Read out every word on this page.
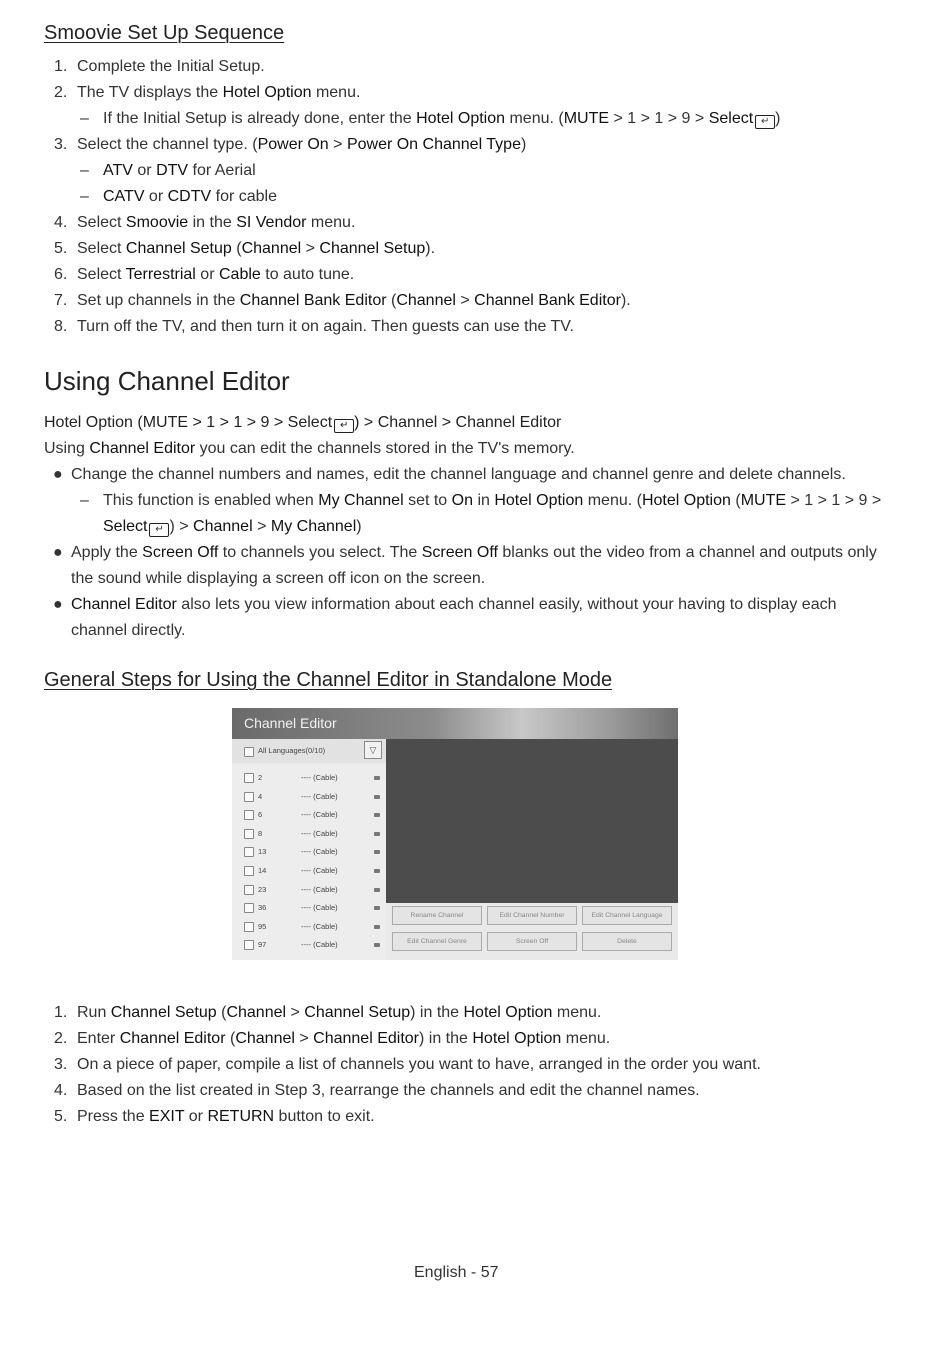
Smoovie Set Up Sequence
1. Complete the Initial Setup.
2. The TV displays the Hotel Option menu.
– If the Initial Setup is already done, enter the Hotel Option menu. (MUTE > 1 > 1 > 9 > Select ↵ )
3. Select the channel type. (Power On > Power On Channel Type)
– ATV or DTV for Aerial
– CATV or CDTV for cable
4. Select Smoovie in the SI Vendor menu.
5. Select Channel Setup (Channel > Channel Setup).
6. Select Terrestrial or Cable to auto tune.
7. Set up channels in the Channel Bank Editor (Channel > Channel Bank Editor).
8. Turn off the TV, and then turn it on again. Then guests can use the TV.
Using Channel Editor
Hotel Option (MUTE > 1 > 1 > 9 > Select ↵ ) > Channel > Channel Editor
Using Channel Editor you can edit the channels stored in the TV's memory.
● Change the channel numbers and names, edit the channel language and channel genre and delete channels.
– This function is enabled when My Channel set to On in Hotel Option menu. (Hotel Option (MUTE > 1 > 1 > 9 >
Select ↵ ) > Channel > My Channel)
● Apply the Screen Off to channels you select. The Screen Off blanks out the video from a channel and outputs only
the sound while displaying a screen off icon on the screen.
● Channel Editor also lets you view information about each channel easily, without your having to display each
channel directly.
General Steps for Using the Channel Editor in Standalone Mode
1. Run Channel Setup (Channel > Channel Setup) in the Hotel Option menu.
2. Enter Channel Editor (Channel > Channel Editor) in the Hotel Option menu.
3. On a piece of paper, compile a list of channels you want to have, arranged in the order you want.
4. Based on the list created in Step 3, rearrange the channels and edit the channel names.
5. Press the EXIT or RETURN button to exit.
Channel Editor
All Languages(0/10)	▽
2	---- (Cable)
4	---- (Cable)
6	---- (Cable)
8	---- (Cable)
13	---- (Cable)
14	---- (Cable)
23	---- (Cable)
36	---- (Cable)
95	---- (Cable)
97	---- (Cable)
Rename Channel	Edit Channel Number	Edit Channel Language
Edit Channel Genre	Screen Off	Delete
English - 57
